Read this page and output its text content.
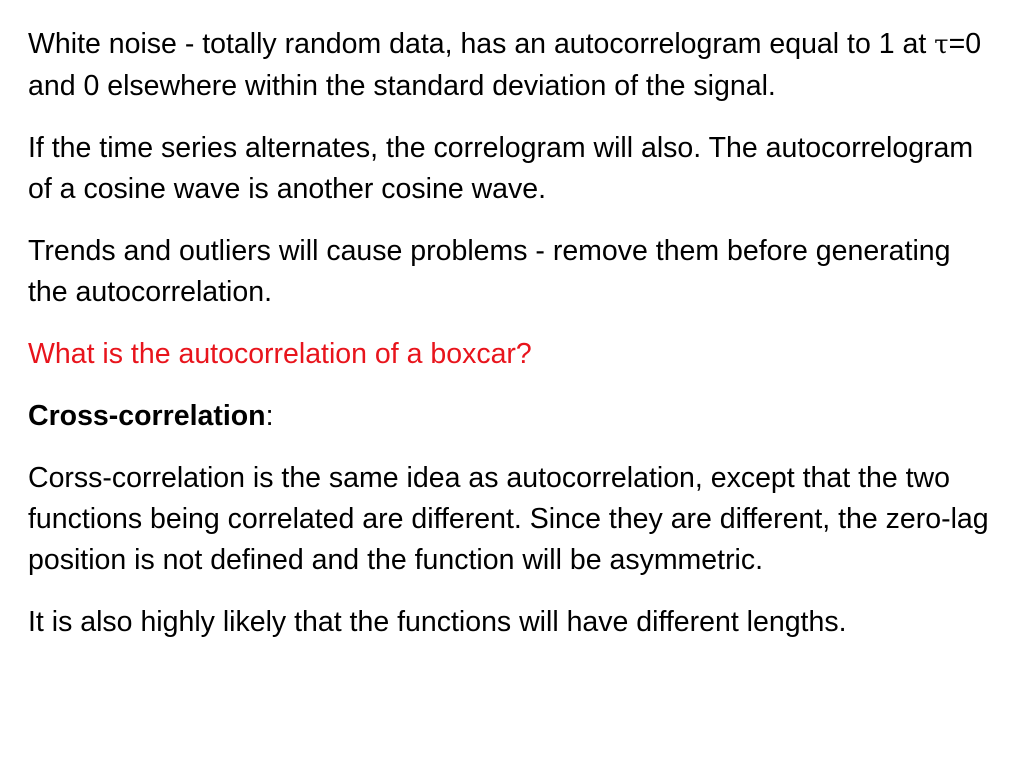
White noise - totally random data, has an autocorrelogram equal to 1 at τ=0 and 0 elsewhere within the standard deviation of the signal.

If the time series alternates, the correlogram will also. The autocorrelogram of a cosine wave is another cosine wave.

Trends and outliers will cause problems - remove them before generating the autocorrelation.

What is the autocorrelation of a boxcar?

Cross-correlation:

Corss-correlation is the same idea as autocorrelation, except that the two functions being correlated are different. Since they are different, the zero-lag position is not defined and the function will be asymmetric.

It is also highly likely that the functions will have different lengths.
